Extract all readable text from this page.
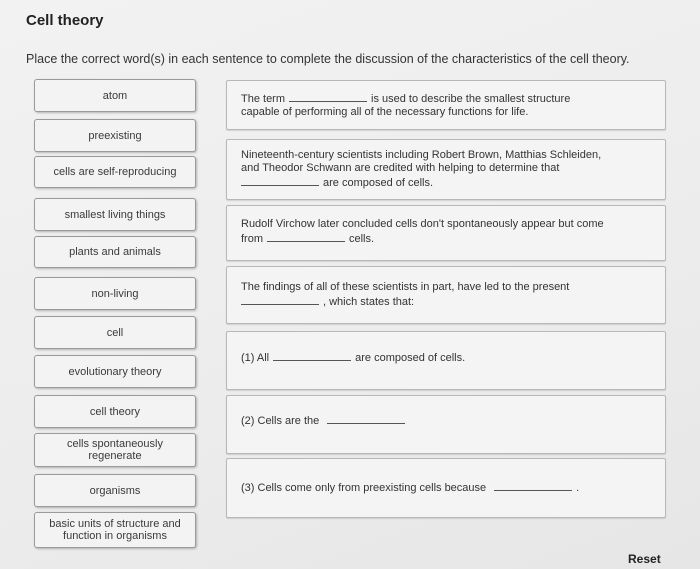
Cell theory
Place the correct word(s) in each sentence to complete the discussion of the characteristics of the cell theory.
atom
preexisting
cells are self-reproducing
smallest living things
plants and animals
non-living
cell
evolutionary theory
cell theory
cells spontaneously regenerate
organisms
basic units of structure and function in organisms
The term	is used to describe the smallest structure
capable of performing all of the necessary functions for life.
Nineteenth-century scientists including Robert Brown, Matthias Schleiden,
and Theodor Schwann are credited with helping to determine that
are composed of cells.
Rudolf Virchow later concluded cells don't spontaneously appear but come
from	cells.
The findings of all of these scientists in part, have led to the present
, which states that:
(1) All	are composed of cells.
(2) Cells are the
(3) Cells come only from preexisting cells because	.
Reset
